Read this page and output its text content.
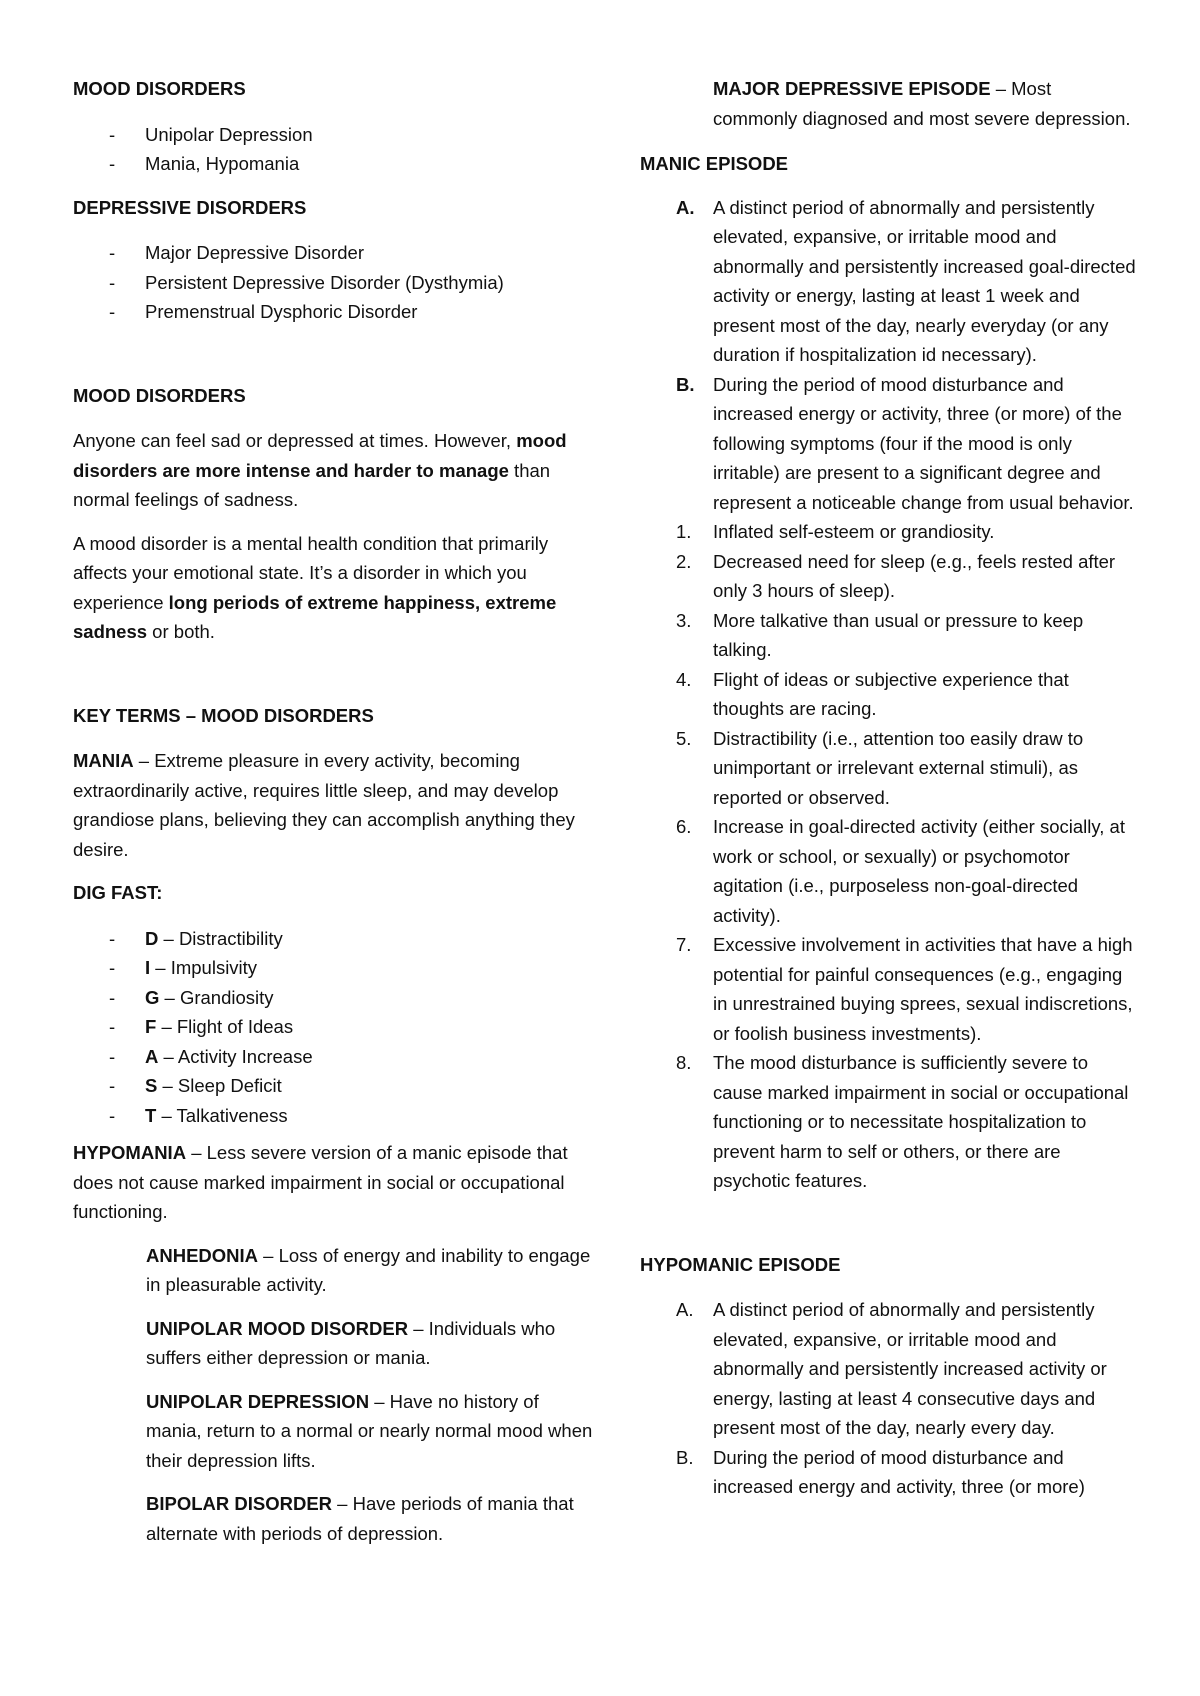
MOOD DISORDERS

- Unipolar Depression
- Mania, Hypomania

DEPRESSIVE DISORDERS

- Major Depressive Disorder
- Persistent Depressive Disorder (Dysthymia)
- Premenstrual Dysphoric Disorder

MOOD DISORDERS

Anyone can feel sad or depressed at times. However, mood disorders are more intense and harder to manage than normal feelings of sadness.

A mood disorder is a mental health condition that primarily affects your emotional state. It’s a disorder in which you experience long periods of extreme happiness, extreme sadness or both.

KEY TERMS – MOOD DISORDERS

MANIA – Extreme pleasure in every activity, becoming extraordinarily active, requires little sleep, and may develop grandiose plans, believing they can accomplish anything they desire.

DIG FAST:

- D – Distractibility
- I – Impulsivity
- G – Grandiosity
- F – Flight of Ideas
- A – Activity Increase
- S – Sleep Deficit
- T – Talkativeness

HYPOMANIA – Less severe version of a manic episode that does not cause marked impairment in social or occupational functioning.

ANHEDONIA – Loss of energy and inability to engage in pleasurable activity.

UNIPOLAR MOOD DISORDER – Individuals who suffers either depression or mania.

UNIPOLAR DEPRESSION – Have no history of mania, return to a normal or nearly normal mood when their depression lifts.

BIPOLAR DISORDER – Have periods of mania that alternate with periods of depression.

MAJOR DEPRESSIVE EPISODE – Most commonly diagnosed and most severe depression.

MANIC EPISODE

A. A distinct period of abnormally and persistently elevated, expansive, or irritable mood and abnormally and persistently increased goal-directed activity or energy, lasting at least 1 week and present most of the day, nearly everyday (or any duration if hospitalization id necessary).
B. During the period of mood disturbance and increased energy or activity, three (or more) of the following symptoms (four if the mood is only irritable) are present to a significant degree and represent a noticeable change from usual behavior.
1. Inflated self-esteem or grandiosity.
2. Decreased need for sleep (e.g., feels rested after only 3 hours of sleep).
3. More talkative than usual or pressure to keep talking.
4. Flight of ideas or subjective experience that thoughts are racing.
5. Distractibility (i.e., attention too easily draw to unimportant or irrelevant external stimuli), as reported or observed.
6. Increase in goal-directed activity (either socially, at work or school, or sexually) or psychomotor agitation (i.e., purposeless non-goal-directed activity).
7. Excessive involvement in activities that have a high potential for painful consequences (e.g., engaging in unrestrained buying sprees, sexual indiscretions, or foolish business investments).
8. The mood disturbance is sufficiently severe to cause marked impairment in social or occupational functioning or to necessitate hospitalization to prevent harm to self or others, or there are psychotic features.

HYPOMANIC EPISODE

A. A distinct period of abnormally and persistently elevated, expansive, or irritable mood and abnormally and persistently increased activity or energy, lasting at least 4 consecutive days and present most of the day, nearly every day.
B. During the period of mood disturbance and increased energy and activity, three (or more)
